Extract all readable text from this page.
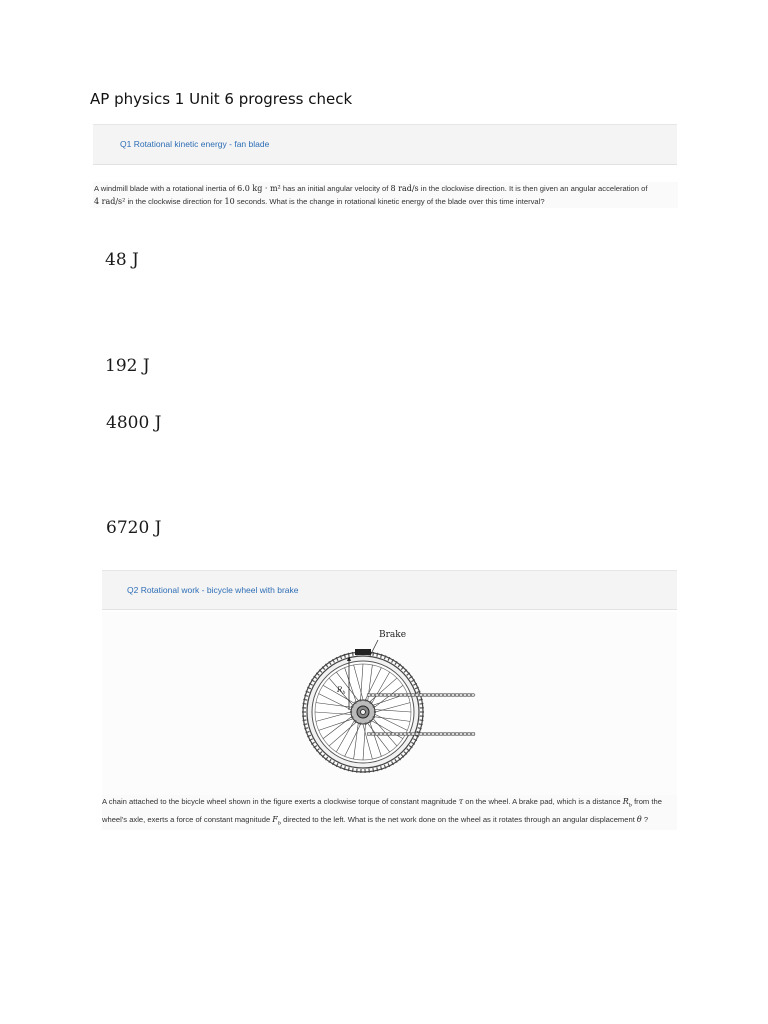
AP physics 1 Unit 6 progress check
Q1 Rotational kinetic energy - fan blade
A windmill blade with a rotational inertia of 6.0 kg · m² has an initial angular velocity of 8 rad/s in the clockwise direction. It is then given an angular acceleration of
4 rad/s² in the clockwise direction for 10 seconds. What is the change in rotational kinetic energy of the blade over this time interval?
48 J
192 J
4800 J
6720 J
Q2 Rotational work - bicycle wheel with brake
Brake
$R_b$
A chain attached to the bicycle wheel shown in the figure exerts a clockwise torque of constant magnitude τ on the wheel. A brake pad, which is a distance $R_b$ from the
wheel's axle, exerts a force of constant magnitude $F_b$ directed to the left. What is the net work done on the wheel as it rotates through an angular displacement θ ?
